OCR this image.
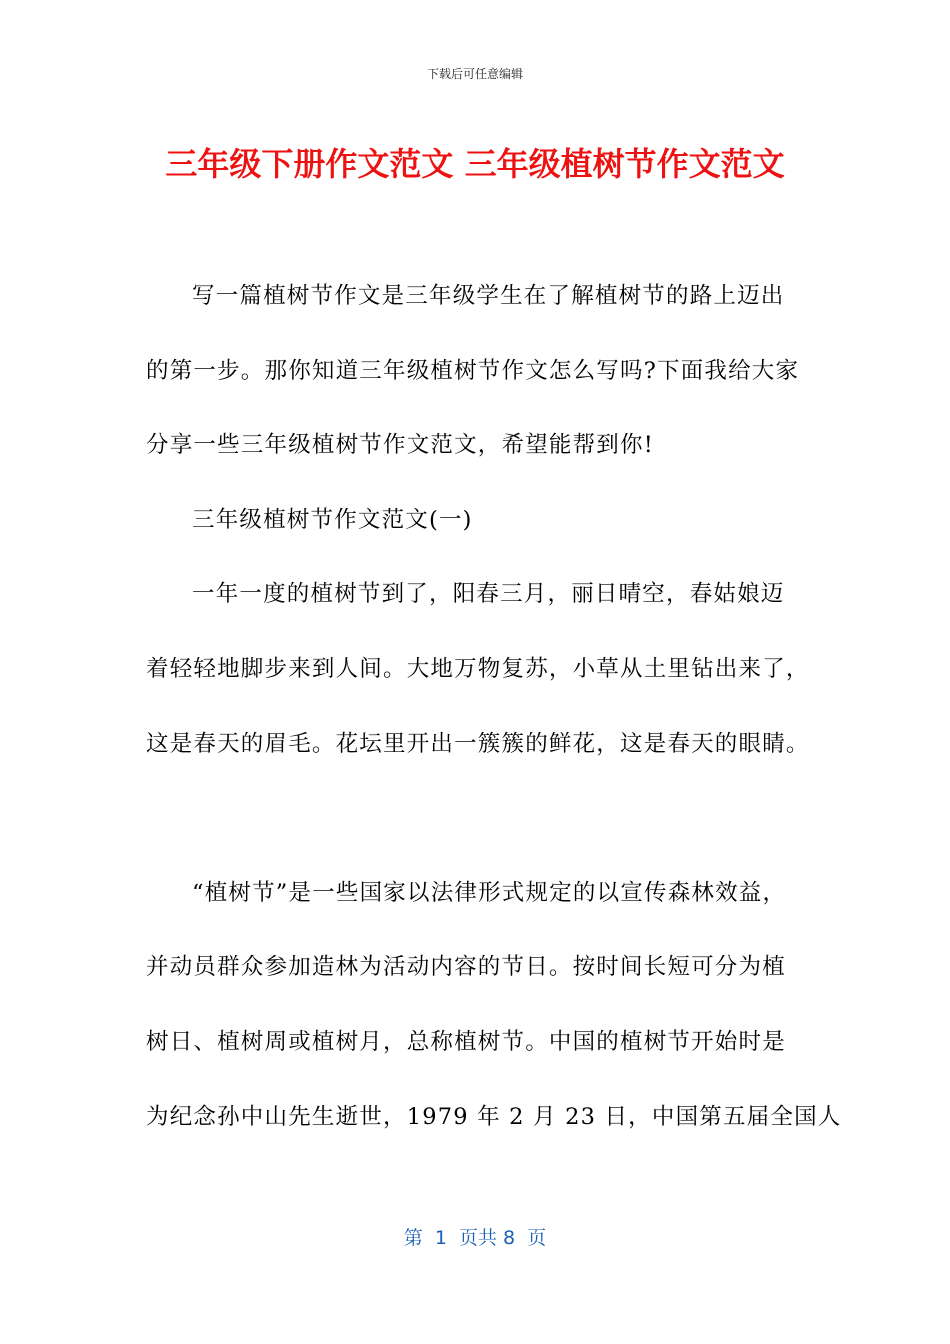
下载后可任意编辑
三年级下册作文范文 三年级植树节作文范文
写一篇植树节作文是三年级学生在了解植树节的路上迈出
的第一步。那你知道三年级植树节作文怎么写吗?下面我给大家
分享一些三年级植树节作文范文，希望能帮到你!
三年级植树节作文范文(一)
一年一度的植树节到了，阳春三月，丽日晴空，春姑娘迈
着轻轻地脚步来到人间。大地万物复苏，小草从土里钻出来了，
这是春天的眉毛。花坛里开出一簇簇的鲜花，这是春天的眼睛。
“植树节”是一些国家以法律形式规定的以宣传森林效益，
并动员群众参加造林为活动内容的节日。按时间长短可分为植
树日、植树周或植树月，总称植树节。中国的植树节开始时是
为纪念孙中山先生逝世，1979 年 2 月 23 日，中国第五届全国人
第  1  页共 8  页
